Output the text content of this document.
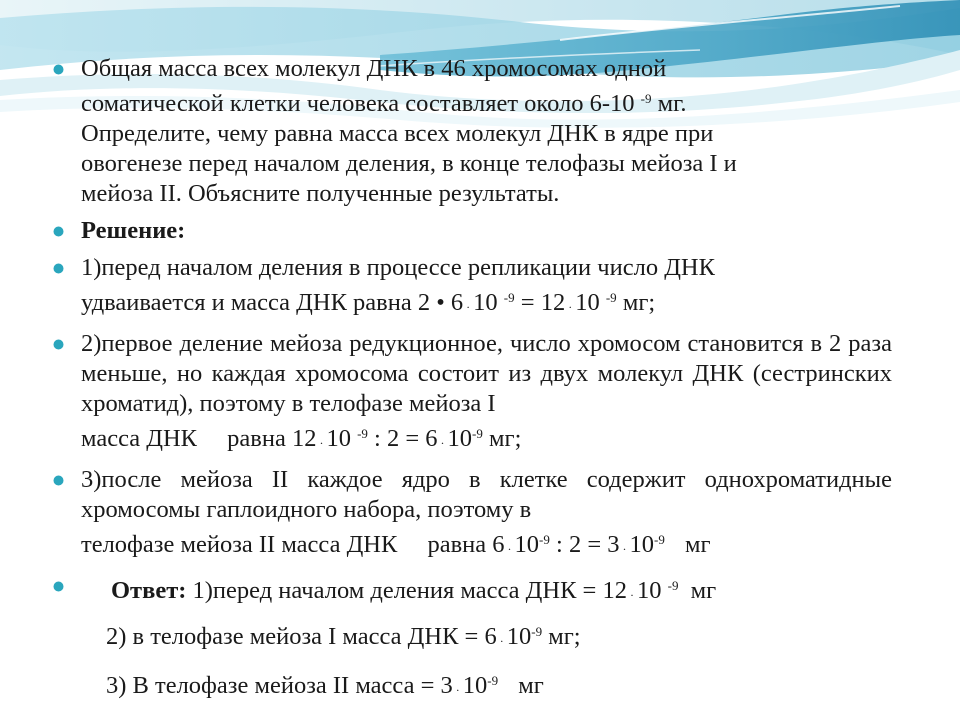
Общая масса всех молекул ДНК в 46 хромосомах одной
соматической клетки человека составляет около 6-10 $^{-9}$ мг.
Определите, чему равна масса всех молекул ДНК в ядре при
овогенезе перед началом деления, в конце телофазы мейоза I и
мейоза II. Объясните полученные результаты.
Решение:
1)перед началом деления в процессе репликации число ДНК
удваивается и масса ДНК равна 2 • 6 · 10 $^{-9}$ = 12 · 10 $^{-9}$ мг;
2)первое деление мейоза редукционное, число хромосом становится в 2 раза меньше, но каждая хромосома состоит из двух молекул ДНК (сестринских хроматид), поэтому в телофазе мейоза I
масса ДНК равна 12 · 10 $^{-9}$ : $2 = 6 \cdot 10^{-9}$ мг;
3)после мейоза II каждое ядро в клетке содержит однохроматидные хромосомы гаплоидного набора, поэтому в
телофазе мейоза II масса ДНК равна $6 \cdot 10^{-9}$ : $2 = 3 \cdot 10^{-9}$ мг
Ответ: 1)перед началом деления масса ДНК = 12 · 10 $^{-9}$ мг
2) в телофазе мейоза I масса ДНК = $6 \cdot 10^{-9}$ мг;
3) В телофазе мейоза II масса = $3 \cdot 10^{-9}$ мг
